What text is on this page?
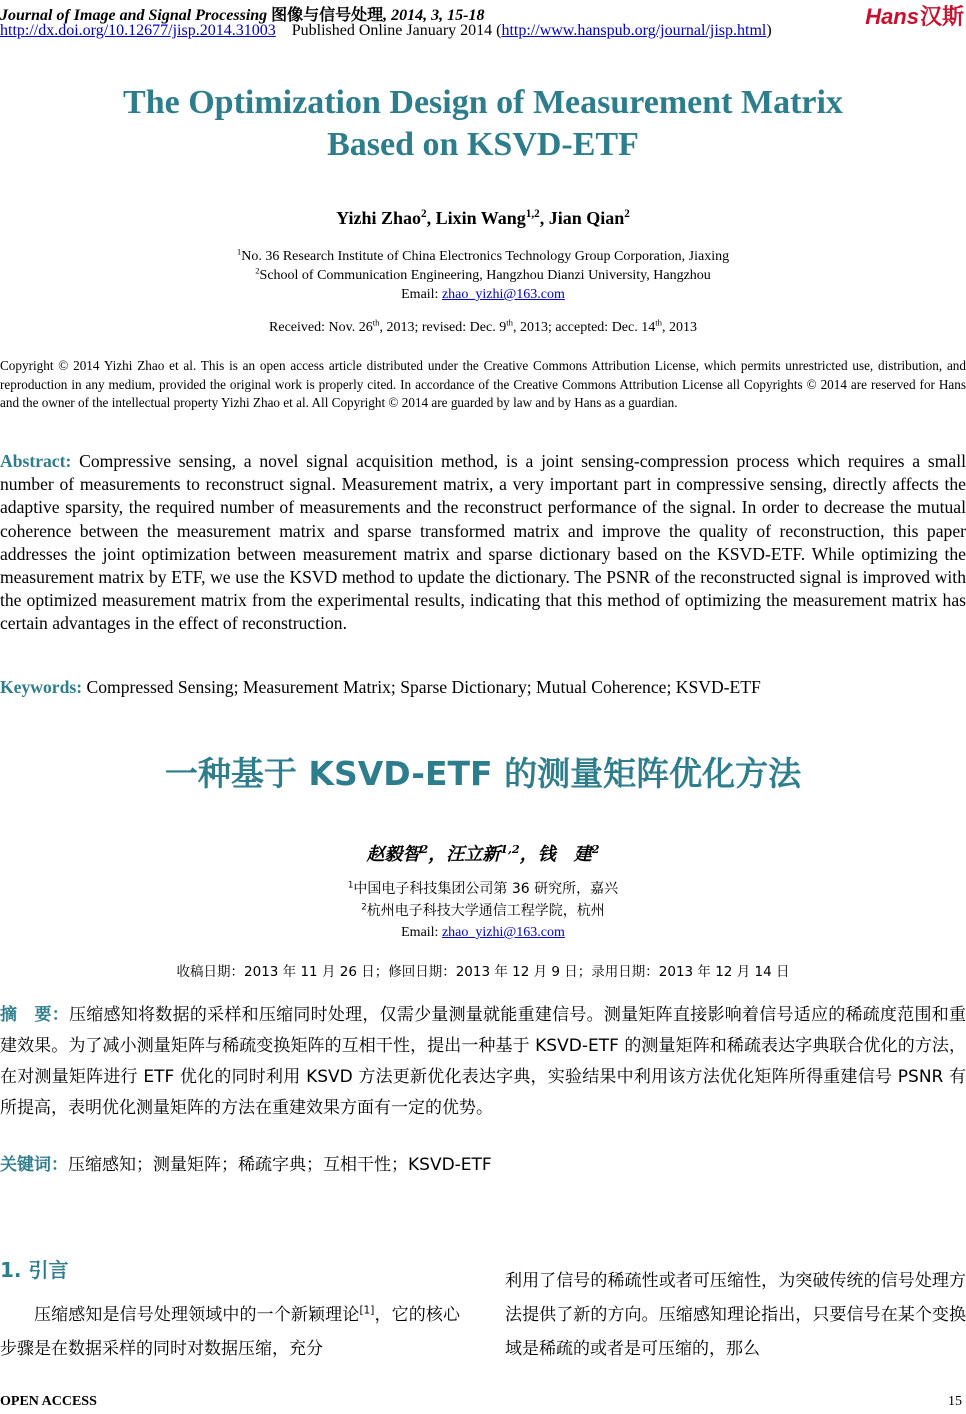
Journal of Image and Signal Processing 图像与信号处理, 2014, 3, 15-18
http://dx.doi.org/10.12677/jisp.2014.31003 Published Online January 2014 (http://www.hanspub.org/journal/jisp.html)
Hans汉斯
The Optimization Design of Measurement Matrix
Based on KSVD-ETF
Yizhi Zhao$^2$, Lixin Wang$^{1,2}$, Jian Qian$^2$
$^1$No. 36 Research Institute of China Electronics Technology Group Corporation, Jiaxing
$^2$School of Communication Engineering, Hangzhou Dianzi University, Hangzhou
Email: zhao_yizhi@163.com
Received: Nov. 26th, 2013; revised: Dec. 9th, 2013; accepted: Dec. 14th, 2013
Copyright © 2014 Yizhi Zhao et al. This is an open access article distributed under the Creative Commons Attribution License, which permits unrestricted use, distribution, and reproduction in any medium, provided the original work is properly cited. In accordance of the Creative Commons Attribution License all Copyrights © 2014 are reserved for Hans and the owner of the intellectual property Yizhi Zhao et al. All Copyright © 2014 are guarded by law and by Hans as a guardian.
Abstract: Compressive sensing, a novel signal acquisition method, is a joint sensing-compression process which requires a small number of measurements to reconstruct signal. Measurement matrix, a very important part in compressive sensing, directly affects the adaptive sparsity, the required number of measurements and the reconstruct performance of the signal. In order to decrease the mutual coherence between the measurement matrix and sparse transformed matrix and improve the quality of reconstruction, this paper addresses the joint optimization between measurement matrix and sparse dictionary based on the KSVD-ETF. While optimizing the measurement matrix by ETF, we use the KSVD method to update the dictionary. The PSNR of the reconstructed signal is improved with the optimized measurement matrix from the experimental results, indicating that this method of optimizing the measurement matrix has certain advantages in the effect of reconstruction.
Keywords: Compressed Sensing; Measurement Matrix; Sparse Dictionary; Mutual Coherence; KSVD-ETF
一种基于 KSVD-ETF 的测量矩阵优化方法
赵毅智$^2$，汪立新$^{1,2}$，钱　建$^2$
$^1$中国电子科技集团公司第 36 研究所，嘉兴
$^2$杭州电子科技大学通信工程学院，杭州
Email: zhao_yizhi@163.com
收稿日期：2013 年 11 月 26 日；修回日期：2013 年 12 月 9 日；录用日期：2013 年 12 月 14 日
摘　要：压缩感知将数据的采样和压缩同时处理，仅需少量测量就能重建信号。测量矩阵直接影响着信号适应的稀疏度范围和重建效果。为了减小测量矩阵与稀疏变换矩阵的互相干性，提出一种基于 KSVD-ETF 的测量矩阵和稀疏表达字典联合优化的方法，在对测量矩阵进行 ETF 优化的同时利用 KSVD 方法更新优化表达字典，实验结果中利用该方法优化矩阵所得重建信号 PSNR 有所提高，表明优化测量矩阵的方法在重建效果方面有一定的优势。
关键词：压缩感知；测量矩阵；稀疏字典；互相干性；KSVD-ETF
1. 引言
压缩感知是信号处理领域中的一个新颖理论[1]，它的核心步骤是在数据采样的同时对数据压缩，充分
利用了信号的稀疏性或者可压缩性，为突破传统的信号处理方法提供了新的方向。压缩感知理论指出，只要信号在某个变换域是稀疏的或者是可压缩的，那么
OPEN ACCESS	15
